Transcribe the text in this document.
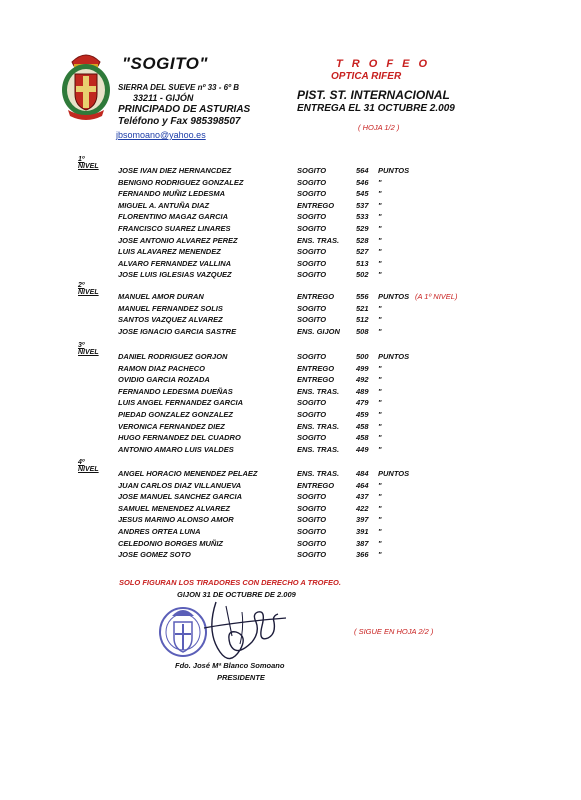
"SOGITO"
SIERRA DEL SUEVE nº 33 - 6º B
33211 - GIJÓN
PRINCIPADO DE ASTURIAS
Teléfono y Fax 985398507
jbsomoano@yahoo.es
T R O F E O
OPTICA RIFER
PIST. ST. INTERNACIONAL
ENTREGA EL 31 OCTUBRE 2.009
( HOJA 1/2 )
1º NIVEL	JOSE IVAN DIEZ HERNANCDEZ	SOGITO	564 PUNTOS
BENIGNO RODRIGUEZ GONZALEZ	SOGITO	546 "
FERNANDO MUÑIZ LEDESMA	SOGITO	545 "
MIGUEL A. ANTUÑA DIAZ	ENTREGO	537 "
FLORENTINO MAGAZ GARCIA	SOGITO	533 "
FRANCISCO SUAREZ LINARES	SOGITO	529 "
JOSE ANTONIO ALVAREZ PEREZ	ENS. TRAS. 528 "
LUIS ALAVAREZ MENENDEZ	SOGITO	527 "
ALVARO FERNANDEZ VALLINA	SOGITO	513 "
JOSE LUIS IGLESIAS VAZQUEZ	SOGITO	502 "
2º NIVEL	MANUEL AMOR DURAN	ENTREGO	556 PUNTOS (A 1º NIVEL)
MANUEL FERNANDEZ SOLIS	SOGITO	521 "
SANTOS VAZQUEZ ALVAREZ	SOGITO	512 "
JOSE IGNACIO GARCIA SASTRE	ENS. GIJON 508 "
3º NIVEL	DANIEL RODRIGUEZ GORJON	SOGITO	500 PUNTOS
RAMON DIAZ PACHECO	ENTREGO	499 "
OVIDIO GARCIA ROZADA	ENTREGO	492 "
FERNANDO LEDESMA DUEÑAS	ENS. TRAS. 489 "
LUIS ANGEL FERNANDEZ GARCIA	SOGITO	479 "
PIEDAD GONZALEZ GONZALEZ	SOGITO	459 "
VERONICA FERNANDEZ DIEZ	ENS. TRAS. 458 "
HUGO FERNANDEZ DEL CUADRO	SOGITO	458 "
ANTONIO AMARO LUIS VALDES	ENS. TRAS. 449 "
4º NIVEL	ANGEL HORACIO MENENDEZ PELAEZ	ENS. TRAS. 484 PUNTOS
JUAN CARLOS DIAZ VILLANUEVA	ENTREGO	464 "
JOSE MANUEL SANCHEZ GARCIA	SOGITO	437 "
SAMUEL MENENDEZ ALVAREZ	SOGITO	422 "
JESUS MARINO ALONSO AMOR	SOGITO	397 "
ANDRES ORTEA LUNA	SOGITO	391 "
CELEDONIO BORGES MUÑIZ	SOGITO	387 "
JOSE GOMEZ SOTO	SOGITO	366 "
SOLO FIGURAN LOS TIRADORES CON DERECHO A TROFEO.
GIJON 31 DE OCTUBRE DE 2.009
( SIGUE EN HOJA 2/2 )
Fdo. José Mª Blanco Somoano
PRESIDENTE
